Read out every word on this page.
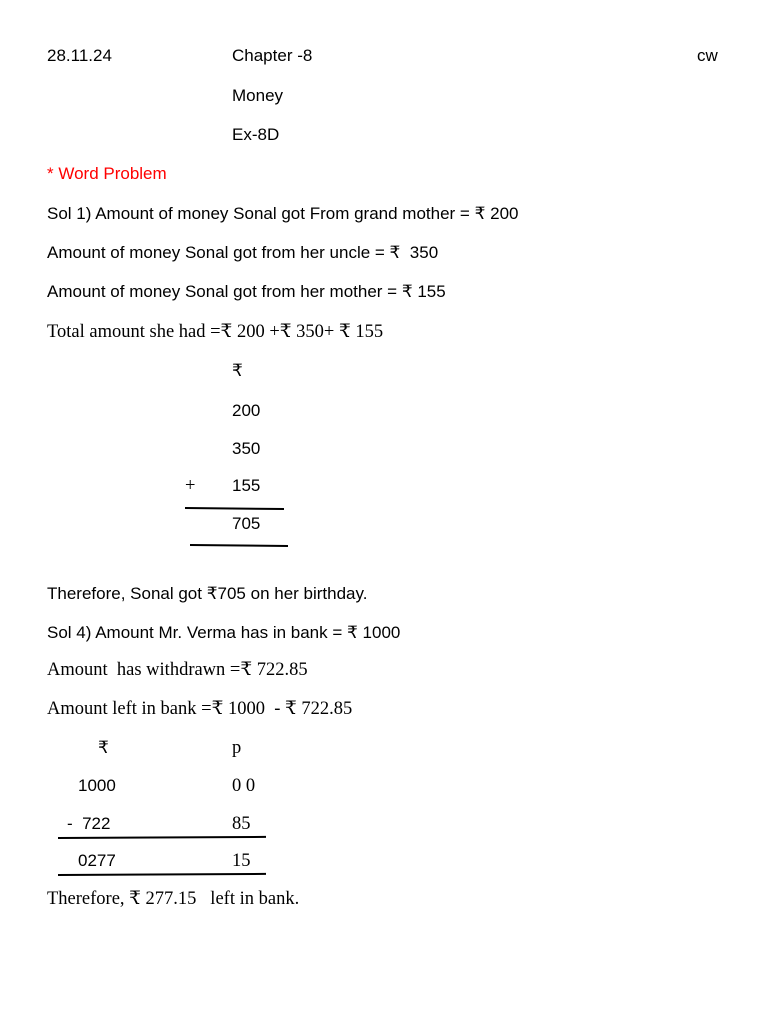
28.11.24	Chapter -8	cw
Money
Ex-8D
* Word Problem
Sol 1) Amount of money Sonal got From grand mother = ₹ 200
Amount of money Sonal got from her uncle = ₹  350
Amount of money Sonal got from her mother = ₹ 155
Total amount she had =₹ 200 +₹ 350+ ₹ 155
₹
200
350
+ 155
705
Therefore, Sonal got ₹705 on her birthday.
Sol 4) Amount Mr. Verma has in bank = ₹ 1000
Amount  has withdrawn =₹ 722.85
Amount left in bank =₹ 1000  - ₹ 722.85
₹	p
1000	0 0
-  722	85
0277	15
Therefore, ₹ 277.15   left in bank.
